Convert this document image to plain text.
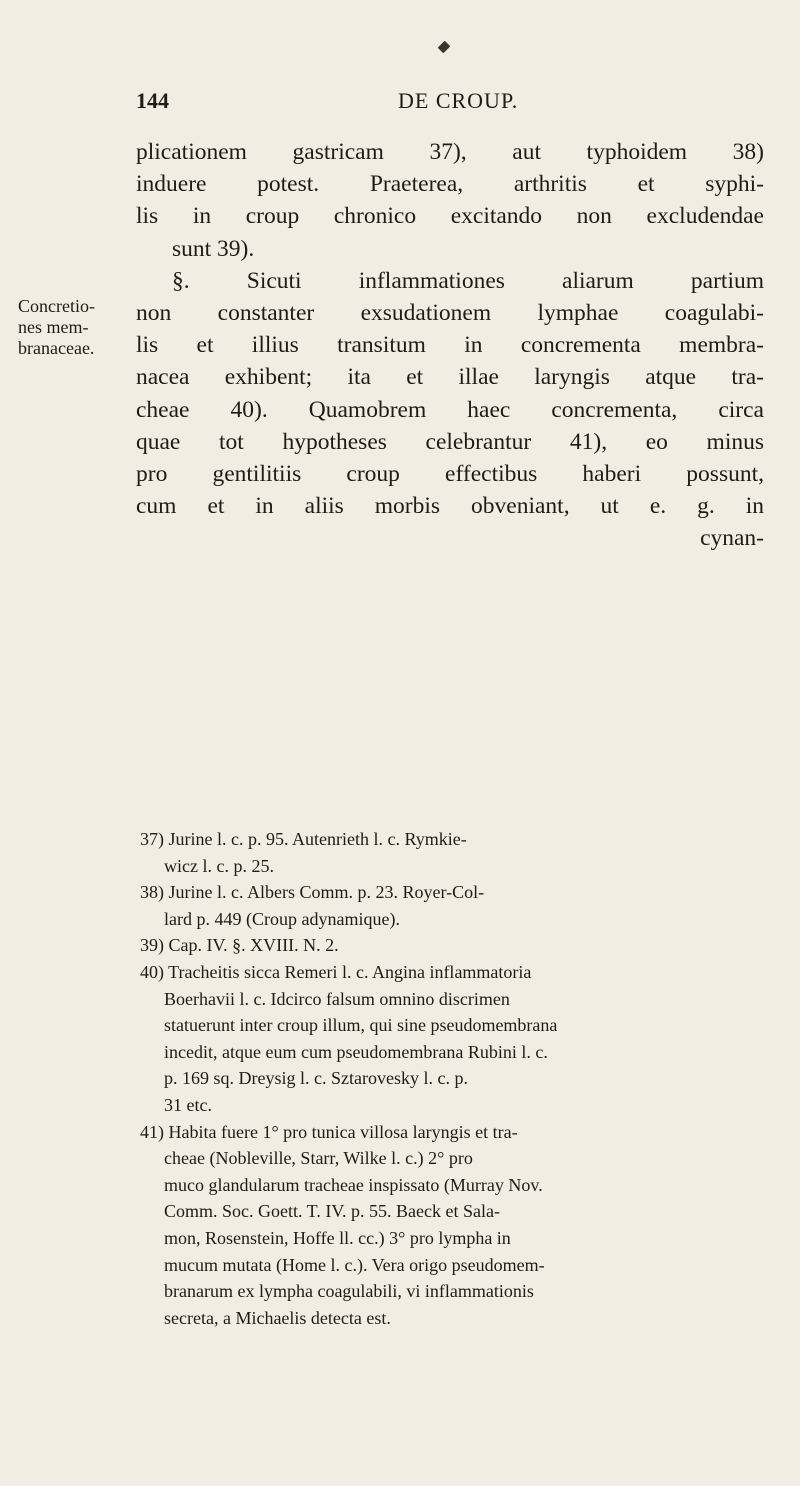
144	DE CROUP.
Concretio-
nes mem-
branaceae.
plicationem gastricam 37), aut typhoidem 38)
induere potest. Praeterea, arthritis et syphi-
lis in croup chronico excitando non excludendae
sunt 39).
§. Sicuti inflammationes aliarum partium
non constanter exsudationem lymphae coagulabi-
lis et illius transitum in concrementa membra-
nacea exhibent; ita et illae laryngis atque tra-
cheae 40). Quamobrem haec concrementa, circa
quae tot hypotheses celebrantur 41), eo minus
pro gentilitiis croup effectibus haberi possunt,
cum et in aliis morbis obveniant, ut e. g. in
cynan-
37) Jurine l. c. p. 95. Autenrieth l. c. Rymkie-
wicz l. c. p. 25.
38) Jurine l. c. Albers Comm. p. 23. Royer-Col-
lard p. 449 (Croup adynamique).
39) Cap. IV. §. XVIII. N. 2.
40) Tracheitis sicca Remeri l. c. Angina inflammatoria
Boerhavii l. c. Idcirco falsum omnino discrimen
statuerunt inter croup illum, qui sine pseudomembrana
incedit, atque eum cum pseudomembrana Rubini l. c.
p. 169 sq. Dreysig l. c. Sztarovesky l. c. p.
31 etc.
41) Habita fuere 1° pro tunica villosa laryngis et tra-
cheae (Nobleville, Starr, Wilke l. c.) 2° pro
muco glandularum tracheae inspissato (Murray Nov.
Comm. Soc. Goett. T. IV. p. 55. Baeck et Sala-
mon, Rosenstein, Hoffe ll. cc.) 3° pro lympha in
mucum mutata (Home l. c.). Vera origo pseudomem-
branarum ex lympha coagulabili, vi inflammationis
secreta, a Michaelis detecta est.
